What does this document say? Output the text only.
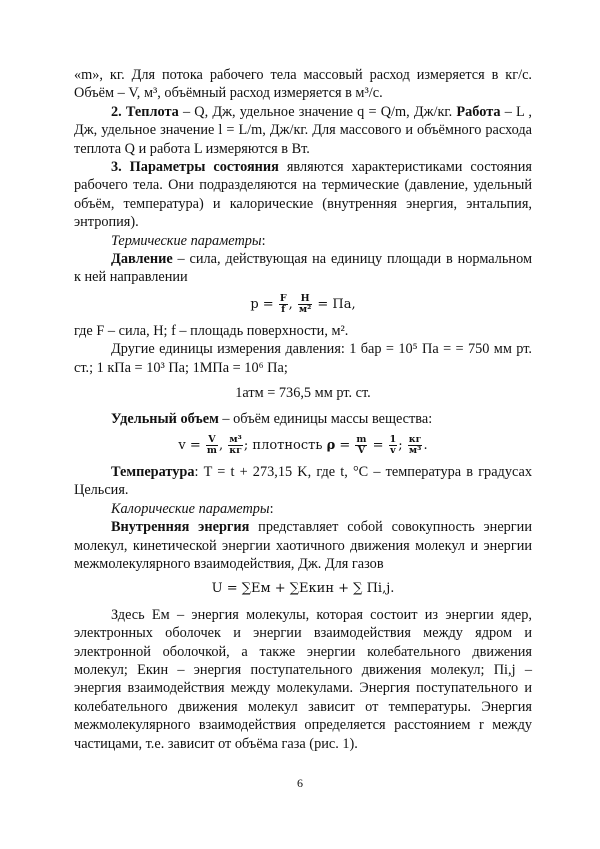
«m», кг. Для потока рабочего тела массовый расход измеряется в кг/с. Объём – V, м³, объёмный расход измеряется в м³/с.

2. Теплота – Q, Дж, удельное значение q = Q/m, Дж/кг. Работа – L , Дж, удельное значение l = L/m, Дж/кг. Для массового и объёмного расхода теплота Q и работа L измеряются в Вт.

3. Параметры состояния являются характеристиками состояния рабочего тела. Они подразделяются на термические (давление, удельный объём, температура) и калорические (внутренняя энергия, энтальпия, энтропия).

Термические параметры:

Давление – сила, действующая на единицу площади в нормальном к ней направлении

$p = \frac{F}{f}$ , $\frac{Н}{\text{м²}}$ = Па,

где F – сила, Н; f – площадь поверхности, м².

Другие единицы измерения давления: 1 бар = 10⁵ Па = = 750 мм рт. ст.; 1 кПа = 10³ Па; 1МПа = 10⁶ Па;

1атм = 736,5 мм рт. ст.

Удельный объем – объём единицы массы вещества:

$v = \frac{V}{m}$ , $\frac{\text{м³}}{кг}$ ; плотность $\rho = \frac{m}{V} = \frac{1}{v}$ ; $\frac{кг}{\text{м³}}$ .

Температура: T = t + 273,15 K, где t, °C – температура в градусах Цельсия.

Калорические параметры:

Внутренняя энергия представляет собой совокупность энергии молекул, кинетической энергии хаотичного движения молекул и энергии межмолекулярного взаимодействия, Дж. Для газов

U = ∑Eм + ∑Eкин + ∑ Пi,j.

Здесь Eм – энергия молекулы, которая состоит из энергии ядер, электронных оболочек и энергии взаимодействия между ядром и электронной оболочкой, а также энергии колебательного движения молекул; Eкин – энергия поступательного движения молекул; Пi,j – энергия взаимодействия между молекулами. Энергия поступательного и колебательного движения молекул зависит от температуры. Энергия межмолекулярного взаимодействия определяется расстоянием r между частицами, т.е. зависит от объёма газа (рис. 1).

6
